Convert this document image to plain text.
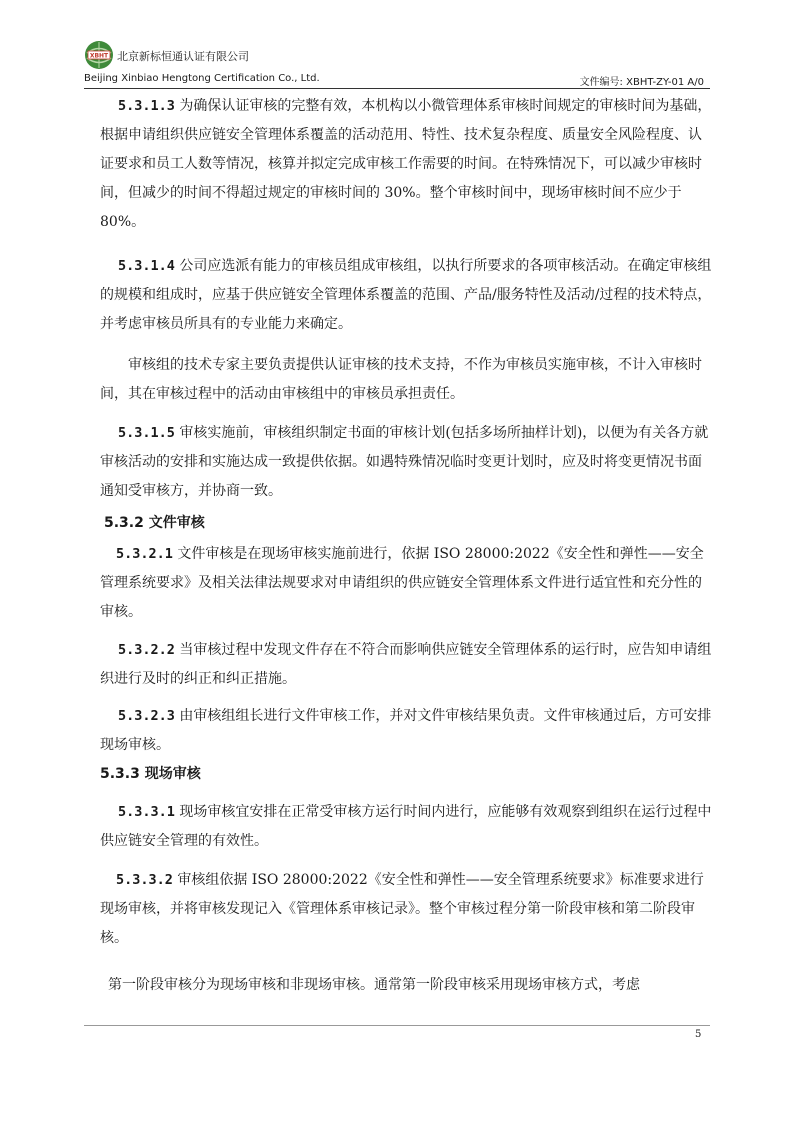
XBHT 北京新标恒通认证有限公司
Beijing Xinbiao Hengtong Certification Co., Ltd.	文件编号: XBHT-ZY-01 A/0

5.3.1.3 为确保认证审核的完整有效，本机构以小微管理体系审核时间规定的审核时间为基础，根据申请组织供应链安全管理体系覆盖的活动范用、特性、技术复杂程度、质量安全风险程度、认证要求和员工人数等情况，核算并拟定完成审核工作需要的时间。在特殊情况下，可以减少审核时间，但减少的时间不得超过规定的审核时间的 30%。整个审核时间中，现场审核时间不应少于 80%。

5.3.1.4 公司应选派有能力的审核员组成审核组，以执行所要求的各项审核活动。在确定审核组的规模和组成时，应基于供应链安全管理体系覆盖的范围、产品/服务特性及活动/过程的技术特点，并考虑审核员所具有的专业能力来确定。

审核组的技术专家主要负责提供认证审核的技术支持，不作为审核员实施审核，不计入审核时间，其在审核过程中的活动由审核组中的审核员承担责任。

5.3.1.5 审核实施前，审核组织制定书面的审核计划(包括多场所抽样计划)，以便为有关各方就审核活动的安排和实施达成一致提供依据。如遇特殊情况临时变更计划时，应及时将变更情况书面通知受审核方，并协商一致。

5.3.2 文件审核

5.3.2.1 文件审核是在现场审核实施前进行，依据 ISO 28000:2022《安全性和弹性——安全管理系统要求》及相关法律法规要求对申请组织的供应链安全管理体系文件进行适宜性和充分性的审核。

5.3.2.2 当审核过程中发现文件存在不符合而影响供应链安全管理体系的运行时，应告知申请组织进行及时的纠正和纠正措施。

5.3.2.3 由审核组组长进行文件审核工作，并对文件审核结果负责。文件审核通过后，方可安排现场审核。

5.3.3 现场审核

5.3.3.1 现场审核宜安排在正常受审核方运行时间内进行，应能够有效观察到组织在运行过程中供应链安全管理的有效性。

5.3.3.2 审核组依据 ISO 28000:2022《安全性和弹性——安全管理系统要求》标准要求进行现场审核，并将审核发现记入《管理体系审核记录》。整个审核过程分第一阶段审核和第二阶段审核。

第一阶段审核分为现场审核和非现场审核。通常第一阶段审核采用现场审核方式，考虑

5
